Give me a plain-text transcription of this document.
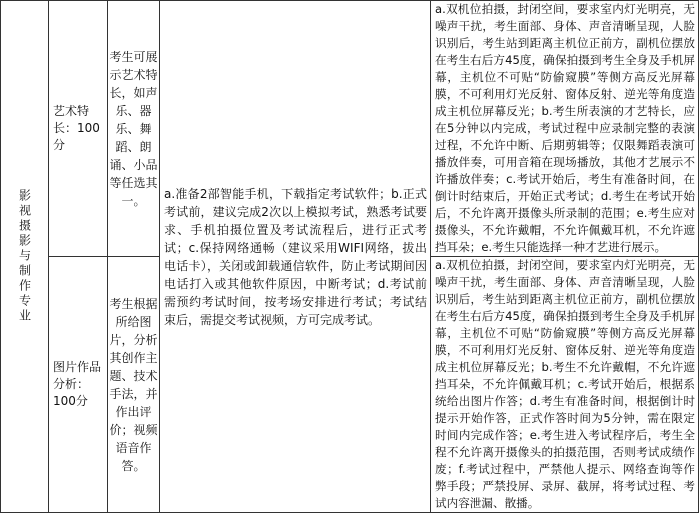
影视摄影与制作专业	艺术特长：100分	考生可展示艺术特长，如声乐、器乐、舞蹈、朗诵、小品等任选其一。	a.准备2部智能手机，下载指定考试软件；b.正式考试前，建议完成2次以上模拟考试，熟悉考试要求、手机拍摄位置及考试流程后，进行正式考试；c.保持网络通畅（建议采用WIFI网络，拔出电话卡），关闭或卸载通信软件，防止考试期间因电话打入或其他软件原因，中断考试；d.考试前需预约考试时间，按考场安排进行考试；考试结束后，需提交考试视频，方可完成考试。	a.双机位拍摄，封闭空间，要求室内灯光明亮，无噪声干扰，考生面部、身体、声音清晰呈现，人脸识别后，考生站到距离主机位正前方，副机位摆放在考生右后方45度，确保拍摄到考生全身及手机屏幕，主机位不可贴“防偷窥膜”等侧方高反光屏幕膜，不可利用灯光反射、窗体反射、逆光等角度造成主机位屏幕反光；b.考生所表演的才艺特长，应在5分钟以内完成，考试过程中应录制完整的表演过程，不允许中断、后期剪辑等；仅限舞蹈表演可播放伴奏，可用音箱在现场播放，其他才艺展示不许播放伴奏；c.考试开始后，考生有准备时间，在倒计时结束后，开始正式考试；d.考生在考试开始后，不允许离开摄像头所录制的范围；e.考生应对摄像头，不允许戴帽，不允许佩戴耳机，不允许遮挡耳朵；e.考生只能选择一种才艺进行展示。

	图片作品分析：100分	考生根据所给图片，分析其创作主题、技术手法，并作出评价；视频语音作答。		a.双机位拍摄，封闭空间，要求室内灯光明亮，无噪声干扰，考生面部、身体、声音清晰呈现，人脸识别后，考生站到距离主机位正前方，副机位摆放在考生右后方45度，确保拍摄到考生全身及手机屏幕，主机位不可贴“防偷窥膜”等侧方高反光屏幕膜，不可利用灯光反射、窗体反射、逆光等角度造成主机位屏幕反光；b.考生不允许戴帽，不允许遮挡耳朵，不允许佩戴耳机；c.考试开始后，根据系统给出图片作答；d.考生有准备时间，根据倒计时提示开始作答，正式作答时间为5分钟，需在限定时间内完成作答；e.考生进入考试程序后，考生全程不允许离开摄像头的拍摄范围，否则考试成绩作废；f.考试过程中，严禁他人提示、网络查询等作弊手段；严禁投屏、录屏、截屏，将考试过程、考试内容泄漏、散播。
